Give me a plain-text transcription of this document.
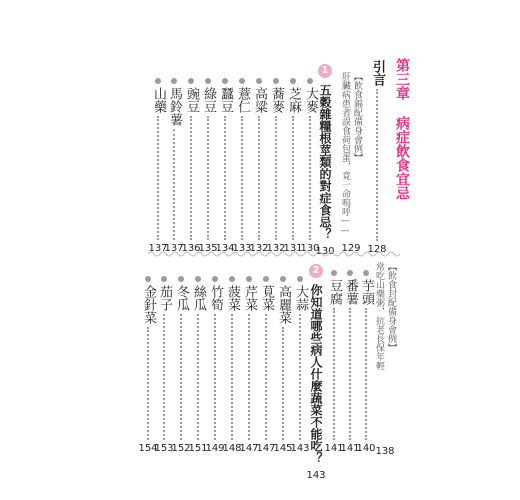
第三章 病症飲食宜忌
引言
128
【飲食錦配備身會例】
肝臟病患者誤食荷包蛋，竟一命嗚呼——
129
1
五穀雜糧根莖類的對症食忌？
130
大麥
130
芝麻
131
蕎麥
132
高粱
132
薏仁
133
蠶豆
134
綠豆
135
豌豆
136
馬鈴薯
137
山藥
137
【飲食封配備身會例】
常吃山藥粥，抗老長保年輕
138
芋頭
140
番薯
141
豆腐
141
2
你知道哪些病人什麼蔬菜不能吃？
143
大蒜
143
高麗菜
145
莧菜
147
芹菜
147
菠菜
148
竹筍
149
絲瓜
151
冬瓜
152
茄子
153
金針菜
154
